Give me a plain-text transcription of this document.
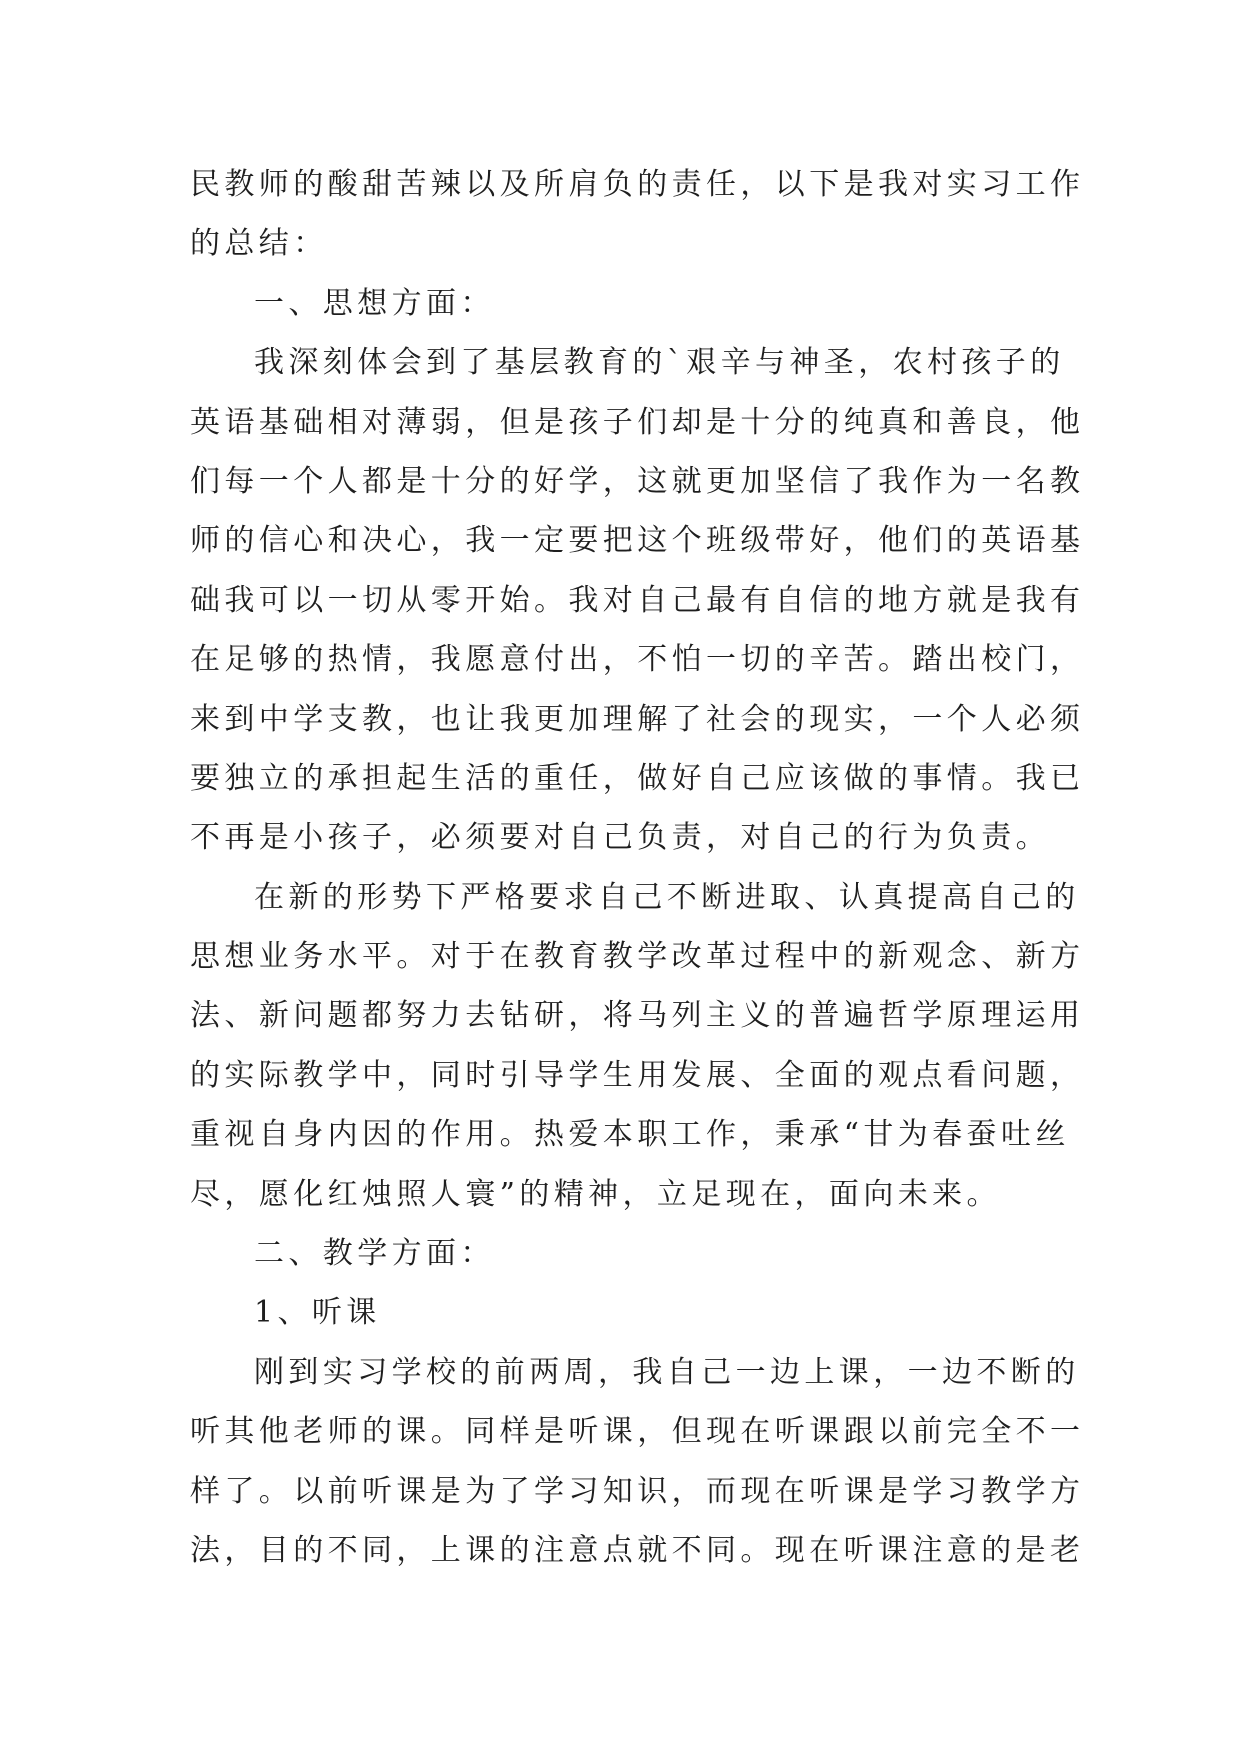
民教师的酸甜苦辣以及所肩负的责任，以下是我对实习工作
的总结：
一、思想方面：
我深刻体会到了基层教育的`艰辛与神圣，农村孩子的
英语基础相对薄弱，但是孩子们却是十分的纯真和善良，他
们每一个人都是十分的好学，这就更加坚信了我作为一名教
师的信心和决心，我一定要把这个班级带好，他们的英语基
础我可以一切从零开始。我对自己最有自信的地方就是我有
在足够的热情，我愿意付出，不怕一切的辛苦。踏出校门，
来到中学支教，也让我更加理解了社会的现实，一个人必须
要独立的承担起生活的重任，做好自己应该做的事情。我已
不再是小孩子，必须要对自己负责，对自己的行为负责。
在新的形势下严格要求自己不断进取、认真提高自己的
思想业务水平。对于在教育教学改革过程中的新观念、新方
法、新问题都努力去钻研，将马列主义的普遍哲学原理运用
的实际教学中，同时引导学生用发展、全面的观点看问题，
重视自身内因的作用。热爱本职工作，秉承“甘为春蚕吐丝
尽，愿化红烛照人寰”的精神，立足现在，面向未来。
二、教学方面：
1、听课
刚到实习学校的前两周，我自己一边上课，一边不断的
听其他老师的课。同样是听课，但现在听课跟以前完全不一
样了。以前听课是为了学习知识，而现在听课是学习教学方
法，目的不同，上课的注意点就不同。现在听课注意的是老
